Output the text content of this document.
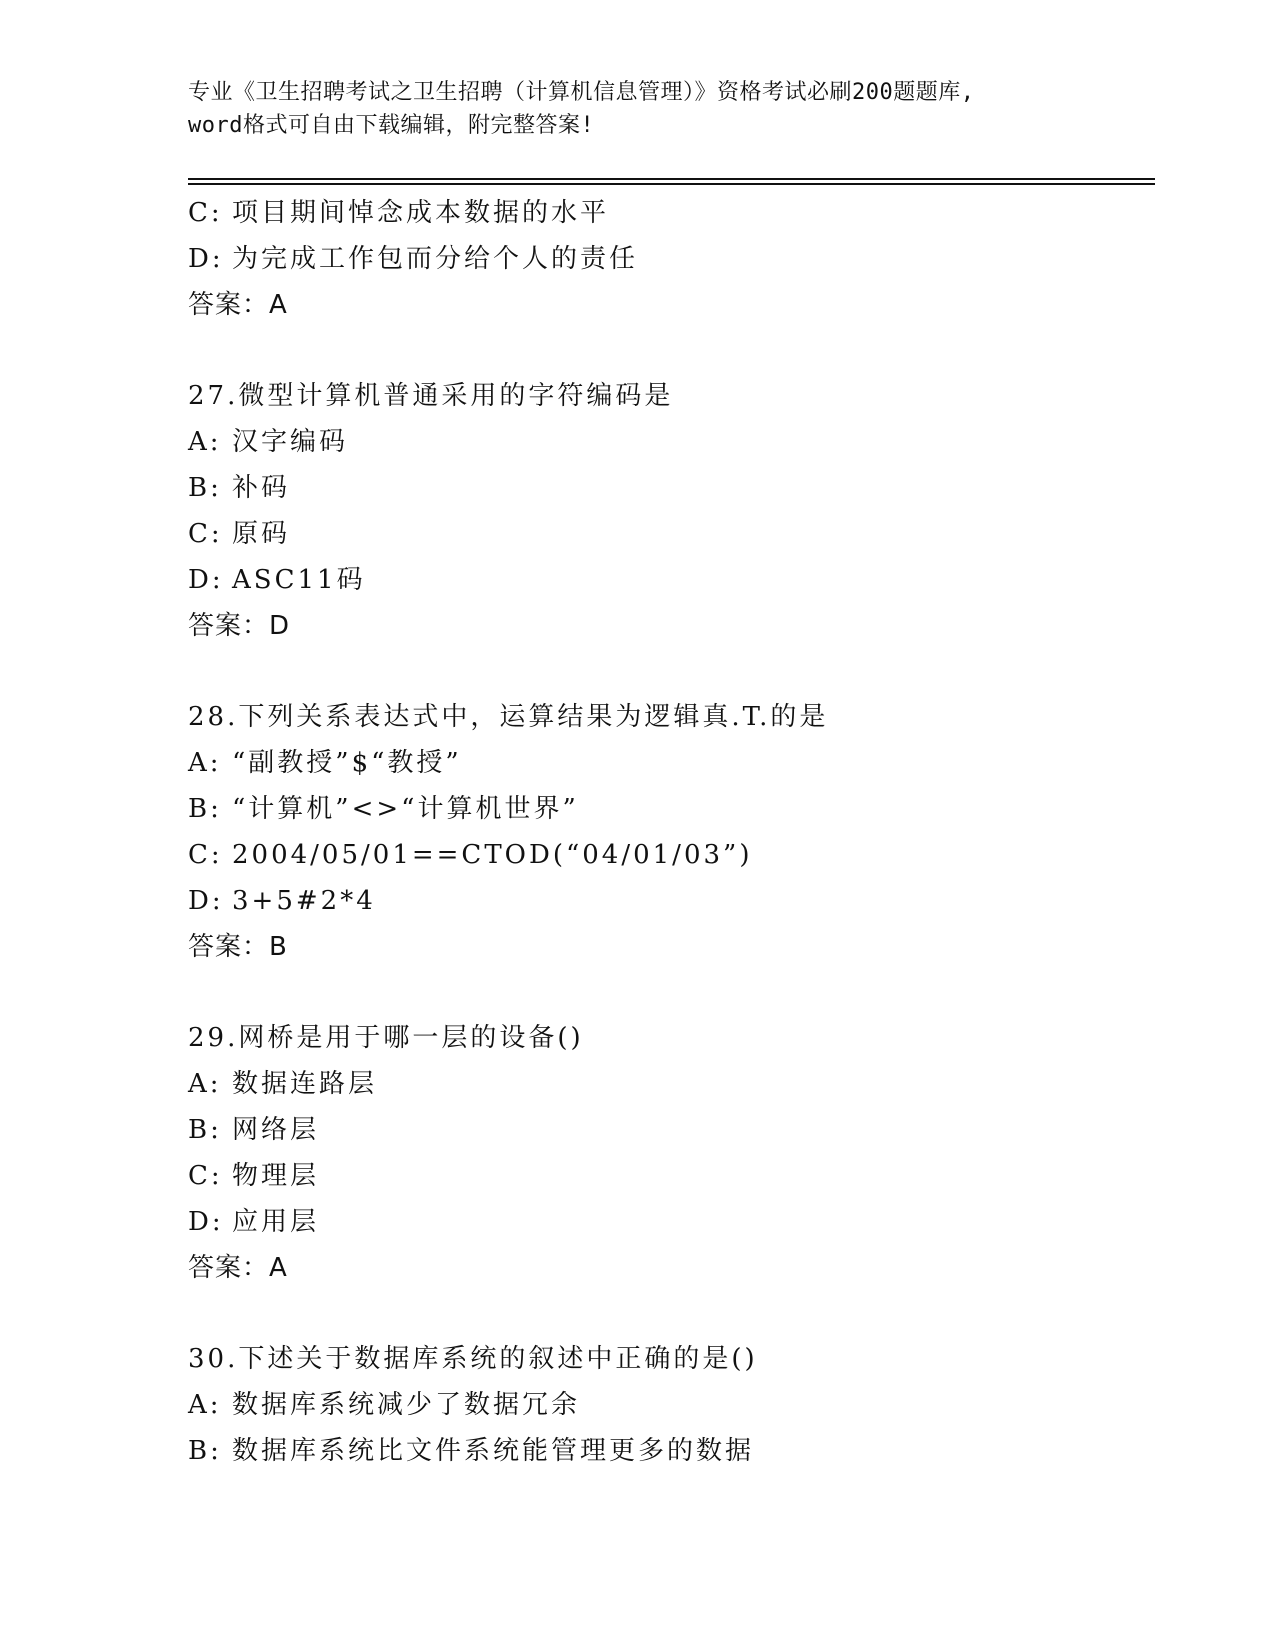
专业《卫生招聘考试之卫生招聘（计算机信息管理）》资格考试必刷200题题库,
word格式可自由下载编辑，附完整答案!
C: 项目期间悼念成本数据的水平
D: 为完成工作包而分给个人的责任
答案：A
27.微型计算机普通采用的字符编码是
A: 汉字编码
B: 补码
C: 原码
D: ASC11码
答案：D
28.下列关系表达式中，运算结果为逻辑真.T.的是
A: “副教授”$“教授”
B: “计算机”<>“计算机世界”
C: 2004/05/01==CTOD(“04/01/03”)
D: 3+5#2*4
答案：B
29.网桥是用于哪一层的设备()
A: 数据连路层
B: 网络层
C: 物理层
D: 应用层
答案：A
30.下述关于数据库系统的叙述中正确的是()
A: 数据库系统减少了数据冗余
B: 数据库系统比文件系统能管理更多的数据
